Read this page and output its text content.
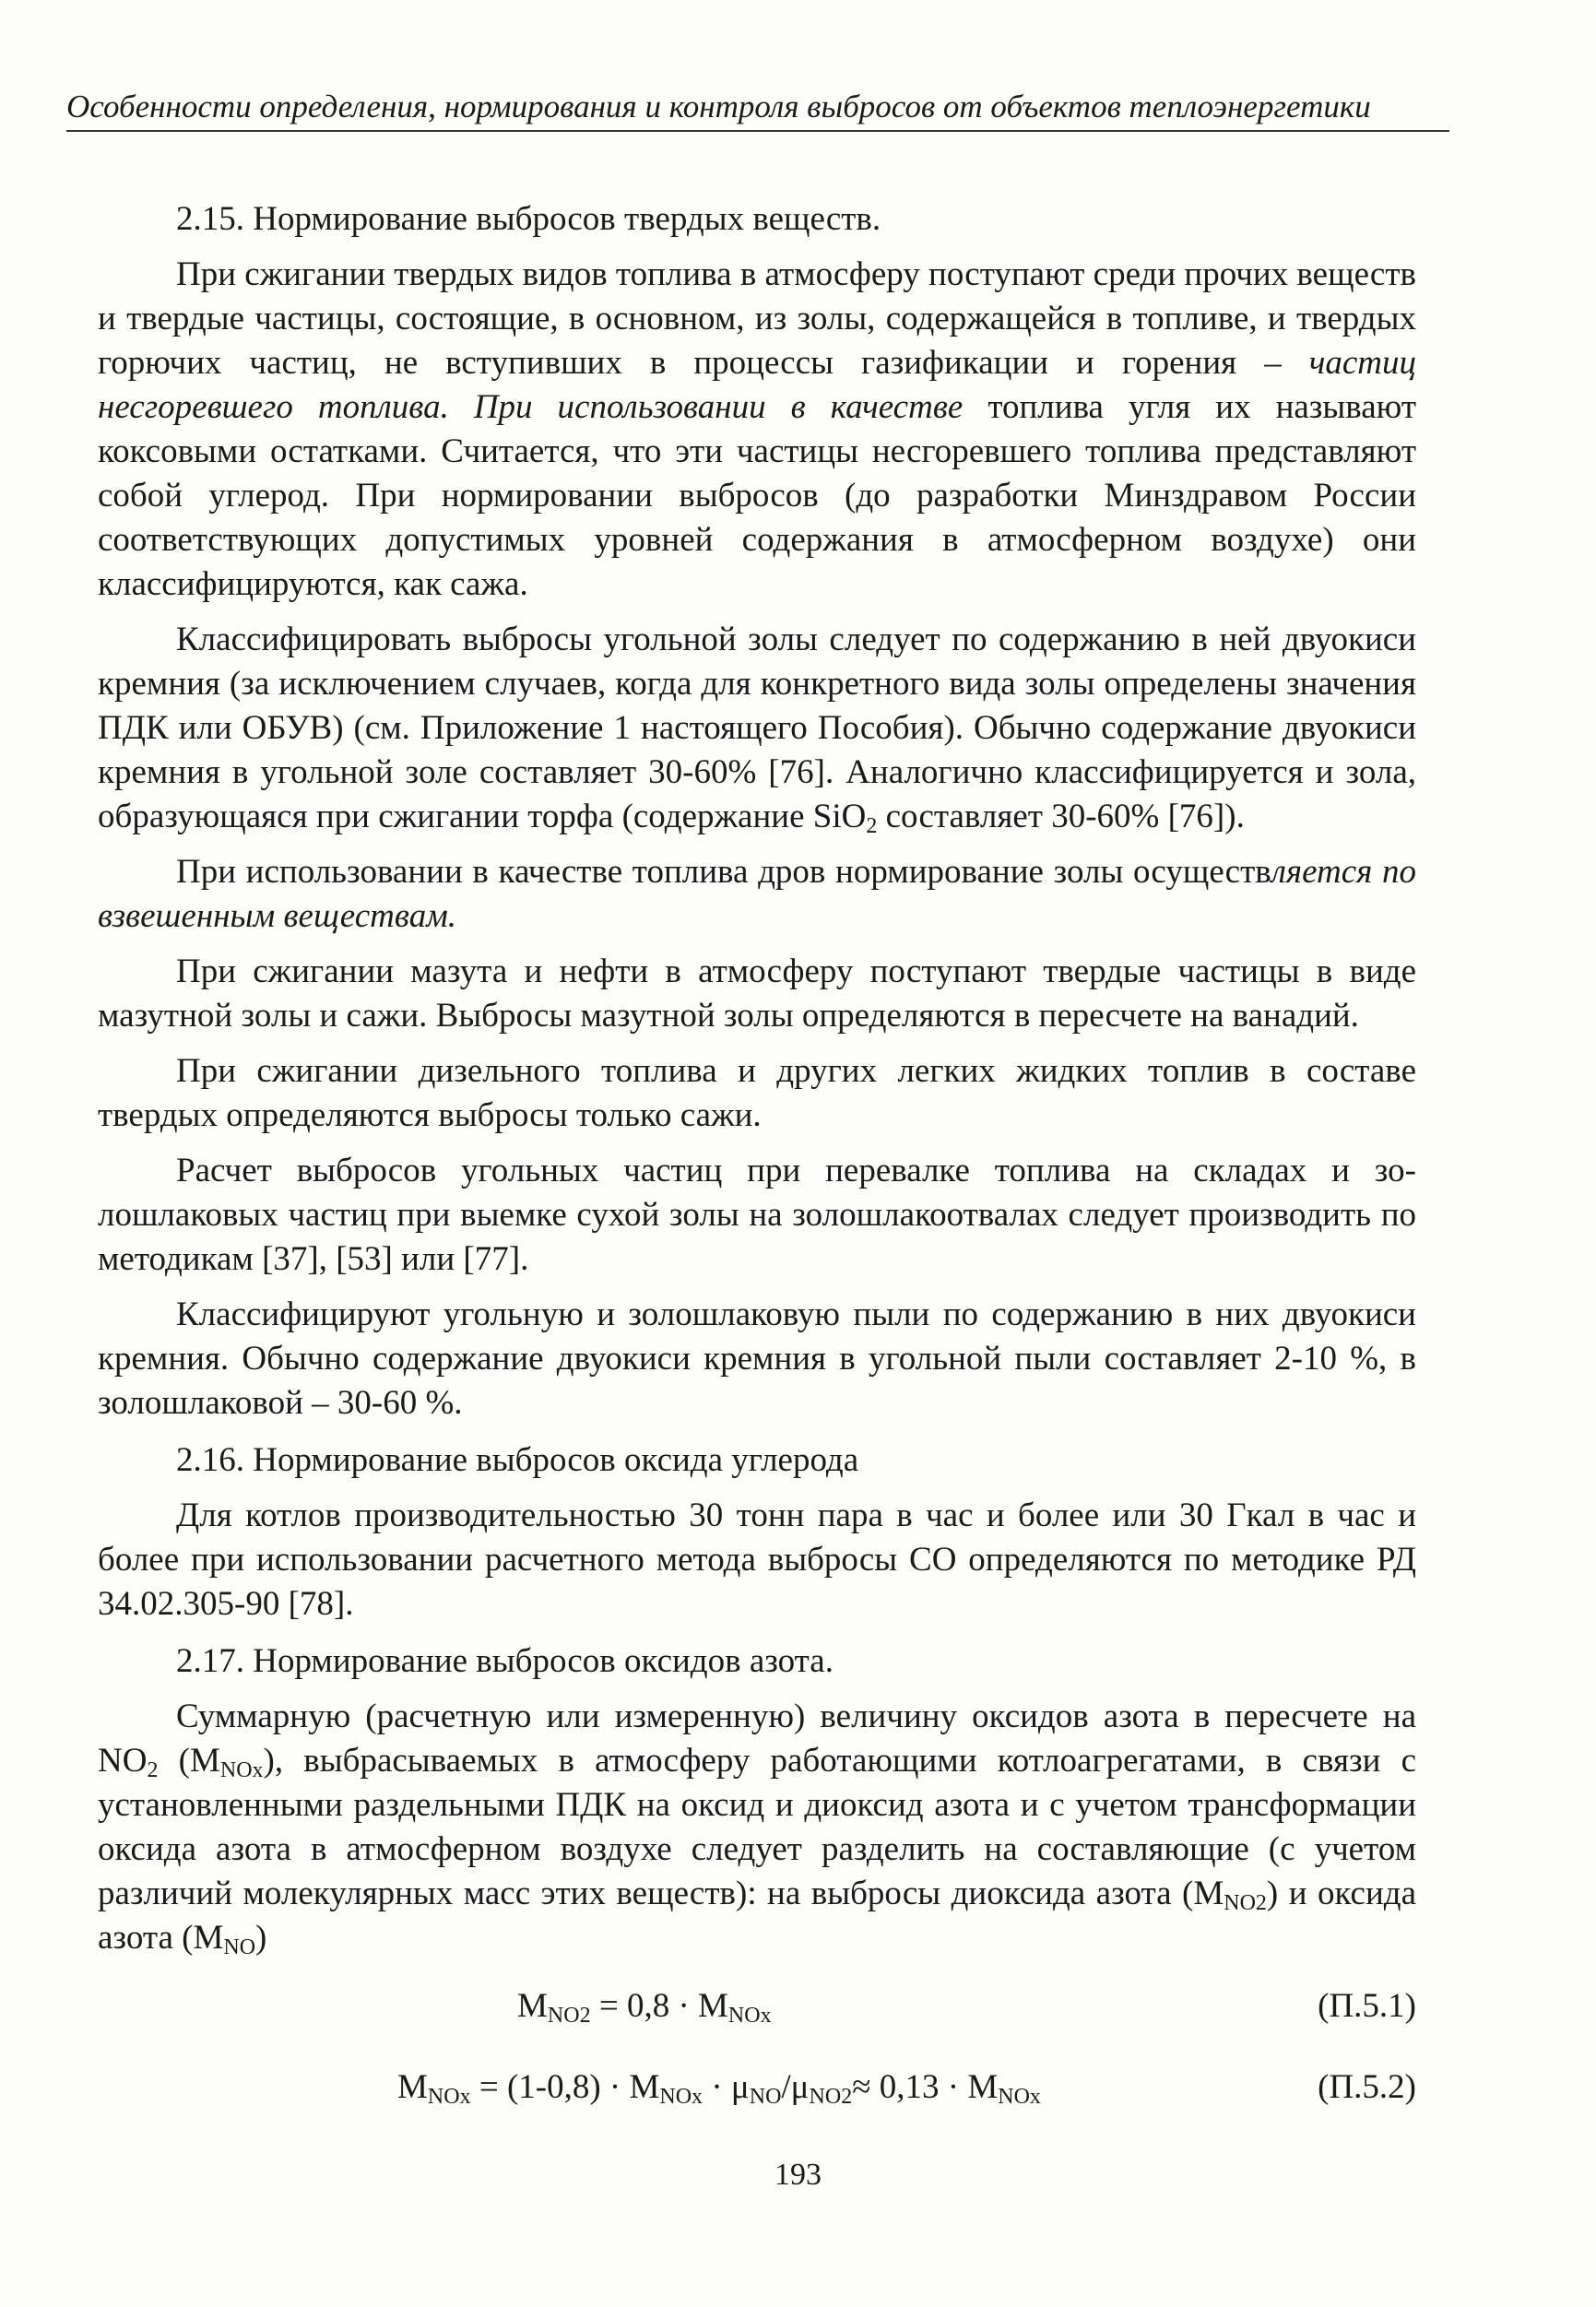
Особенности определения, нормирования и контроля выбросов от объектов теплоэнергетики

2.15. Нормирование выбросов твердых веществ.

При сжигании твердых видов топлива в атмосферу поступают среди прочих веществ и твердые частицы, состоящие, в основном, из золы, содержащейся в топливе, и твердых горючих частиц, не вступивших в процессы газификации и горения – частиц несгоревшего топлива. При использовании в качестве топлива угля их называют коксовыми остатками. Считается, что эти частицы несгоревшего топлива представляют собой углерод. При нормировании выбросов (до разработки Минздравом России соответствующих допустимых уровней содержания в атмосферном воздухе) они классифицируются, как сажа.

Классифицировать выбросы угольной золы следует по содержанию в ней двуокиси кремния (за исключением случаев, когда для конкретного вида золы определены значения ПДК или ОБУВ) (см. Приложение 1 настоящего Пособия). Обычно содержание двуокиси кремния в угольной золе составляет 30-60% [76]. Аналогично классифицируется и зола, образующаяся при сжигании торфа (содержание SiO$_2$ составляет 30-60% [76]).

При использовании в качестве топлива дров нормирование золы осуществляется по взвешенным веществам.

При сжигании мазута и нефти в атмосферу поступают твердые частицы в виде мазутной золы и сажи. Выбросы мазутной золы определяются в пересчете на ванадий.

При сжигании дизельного топлива и других легких жидких топлив в составе твердых определяются выбросы только сажи.

Расчет выбросов угольных частиц при перевалке топлива на складах и золошлаковых частиц при выемке сухой золы на золошлакоотвалах следует производить по методикам [37], [53] или [77].

Классифицируют угольную и золошлаковую пыли по содержанию в них двуокиси кремния. Обычно содержание двуокиси кремния в угольной пыли составляет 2-10 %, в золошлаковой – 30-60 %.

2.16. Нормирование выбросов оксида углерода

Для котлов производительностью 30 тонн пара в час и более или 30 Гкал в час и более при использовании расчетного метода выбросы СО определяются по методике РД 34.02.305-90 [78].

2.17. Нормирование выбросов оксидов азота.

Суммарную (расчетную или измеренную) величину оксидов азота в пересчете на $NO_2$ $(M_{NOx})$, выбрасываемых в атмосферу работающими котлоагрегатами, в связи с установленными раздельными ПДК на оксид и диоксид азота и с учетом трансформации оксида азота в атмосферном воздухе следует разделить на составляющие (с учетом различий молекулярных масс этих веществ): на выбросы диоксида азота $(M_{NO2})$ и оксида азота $(M_{NO})$

$M_{NO2} = 0,8 \cdot M_{NOx}$	(П.5.1)
$M_{NOx} = (1-0,8) \cdot M_{NOx} \cdot \mu_{NO}/\mu_{NO2}\approx 0,13 \cdot M_{NOx}$	(П.5.2)
193
